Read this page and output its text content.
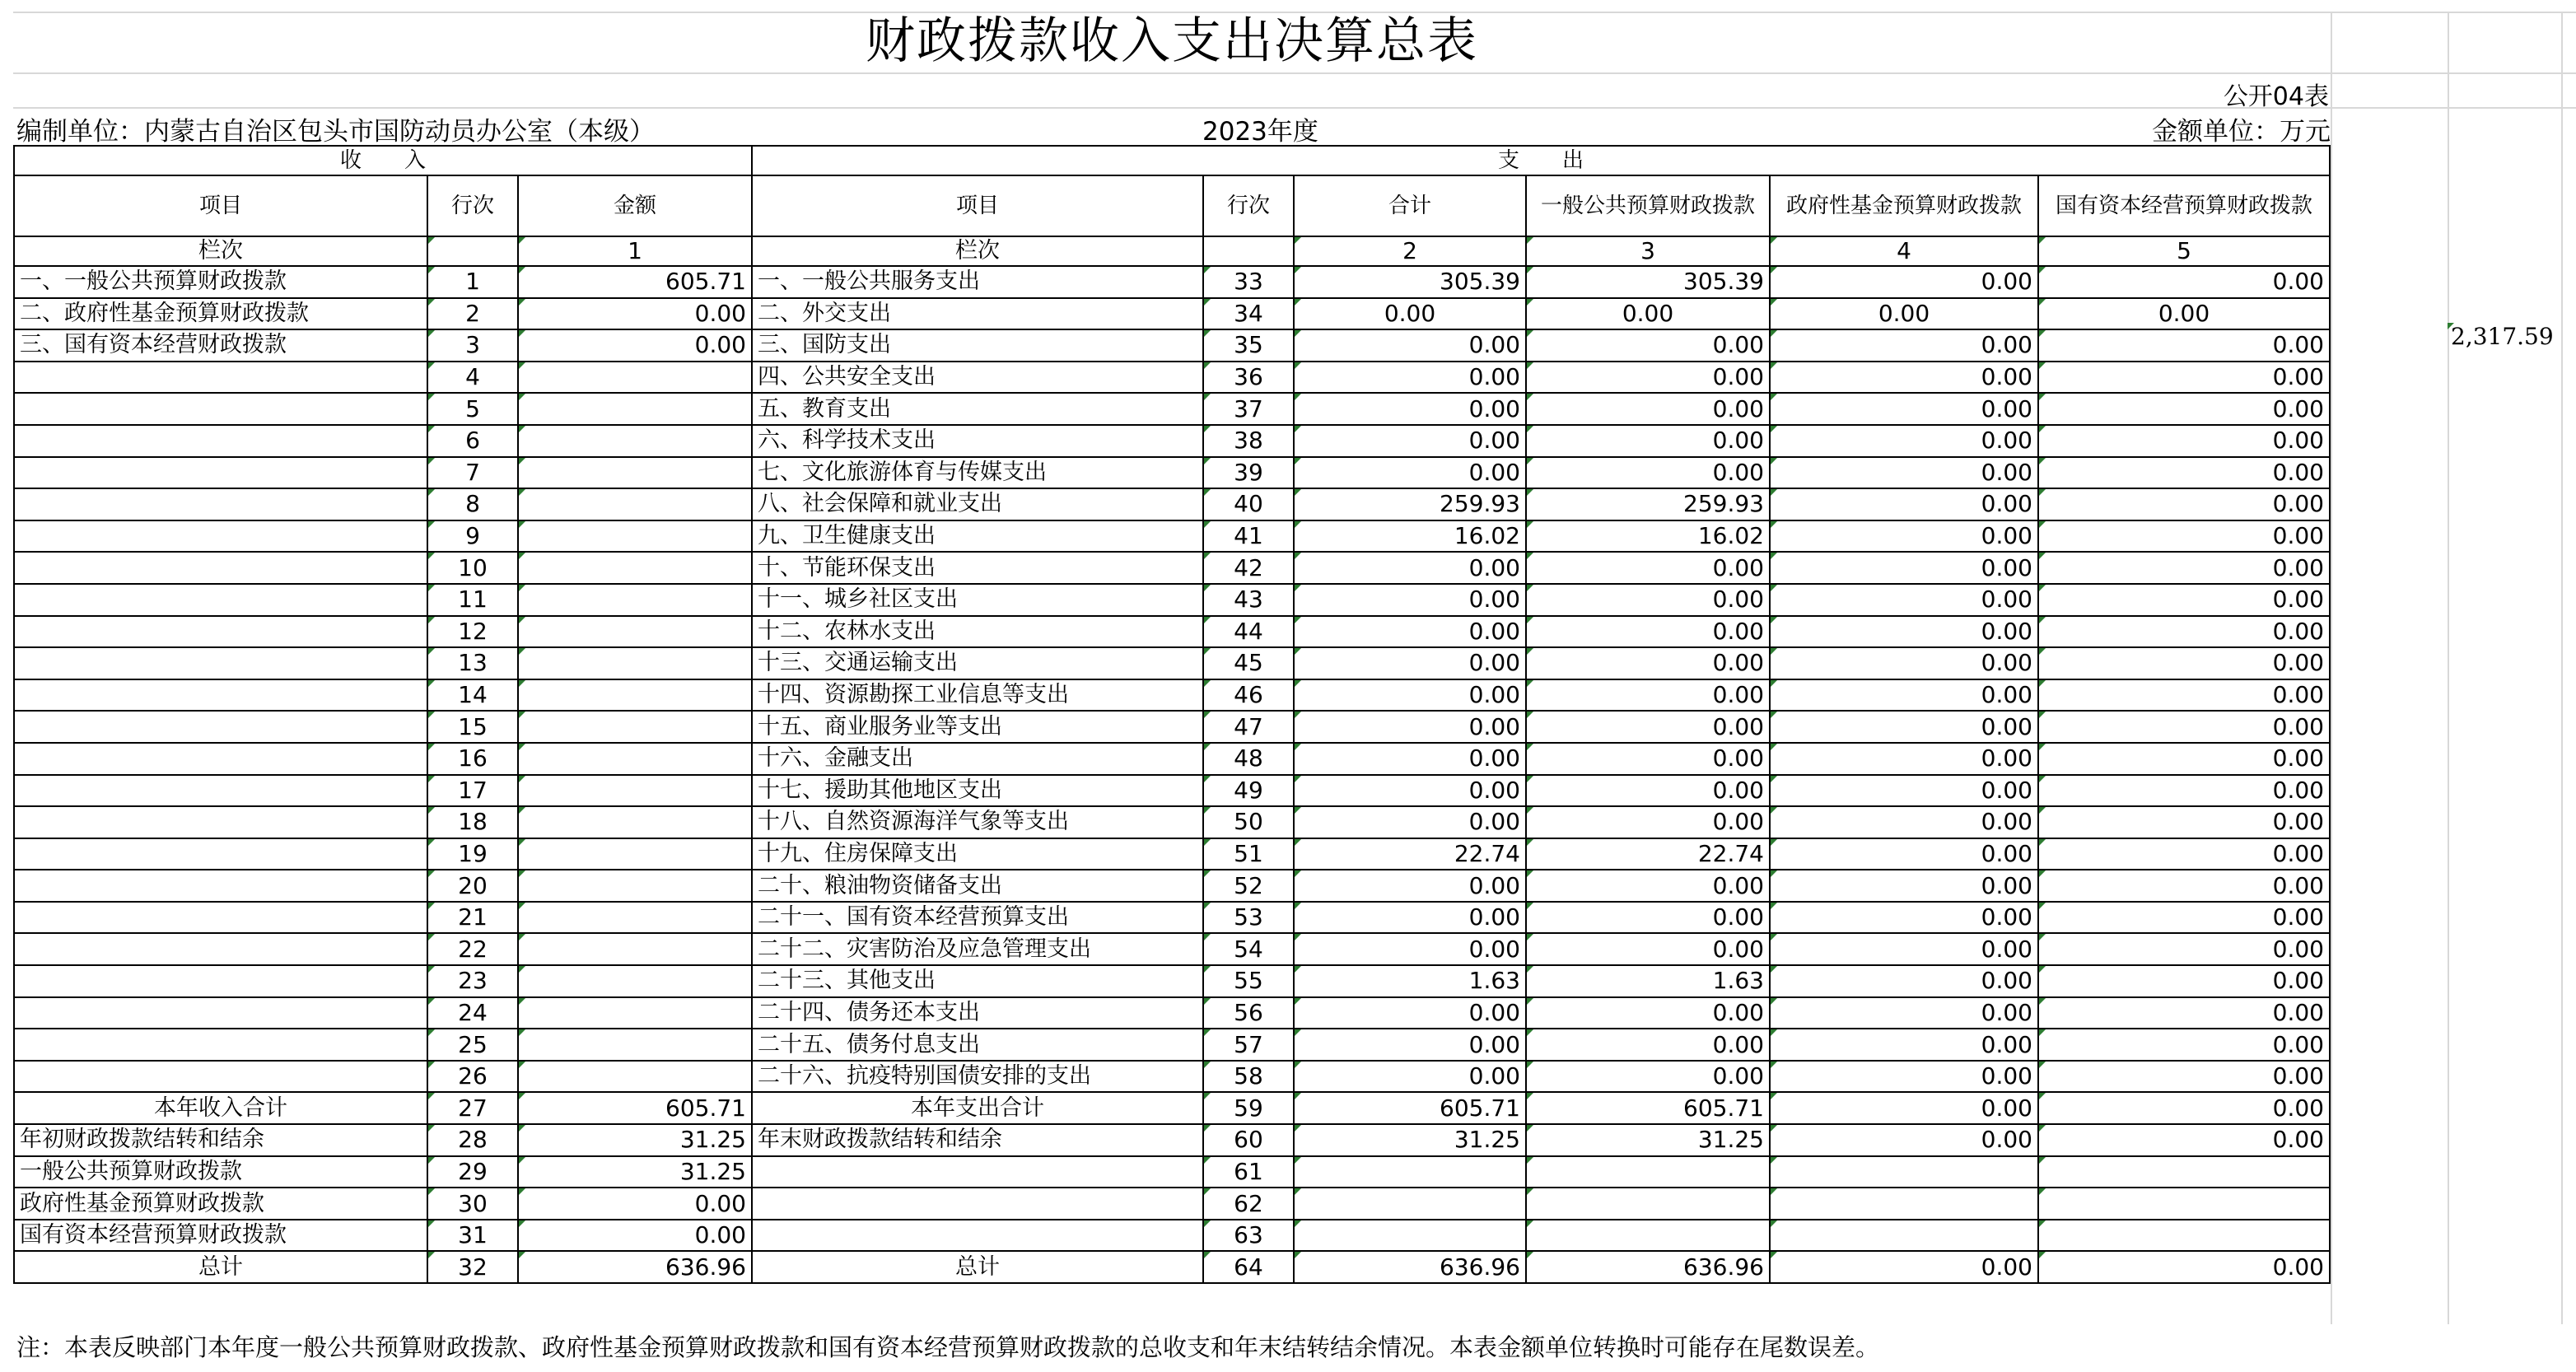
财政拨款收入支出决算总表
公开04表
编制单位：内蒙古自治区包头市国防动员办公室（本级）	2023年度	金额单位：万元
收　　入			支　　出					
项目	行次	金额	项目	行次	合计	一般公共预算财政拨款	政府性基金预算财政拨款	国有资本经营预算财政拨款
栏次		1	栏次		2	3	4	5
一、一般公共预算财政拨款	1	605.71	一、一般公共服务支出	33	305.39	305.39	0.00	0.00
二、政府性基金预算财政拨款	2	0.00	二、外交支出	34	0.00	0.00	0.00	0.00
三、国有资本经营财政拨款	3	0.00	三、国防支出	35	0.00	0.00	0.00	0.00
	4		四、公共安全支出	36	0.00	0.00	0.00	0.00
	5		五、教育支出	37	0.00	0.00	0.00	0.00
	6		六、科学技术支出	38	0.00	0.00	0.00	0.00
	7		七、文化旅游体育与传媒支出	39	0.00	0.00	0.00	0.00
	8		八、社会保障和就业支出	40	259.93	259.93	0.00	0.00
	9		九、卫生健康支出	41	16.02	16.02	0.00	0.00
	10		十、节能环保支出	42	0.00	0.00	0.00	0.00
	11		十一、城乡社区支出	43	0.00	0.00	0.00	0.00
	12		十二、农林水支出	44	0.00	0.00	0.00	0.00
	13		十三、交通运输支出	45	0.00	0.00	0.00	0.00
	14		十四、资源勘探工业信息等支出	46	0.00	0.00	0.00	0.00
	15		十五、商业服务业等支出	47	0.00	0.00	0.00	0.00
	16		十六、金融支出	48	0.00	0.00	0.00	0.00
	17		十七、援助其他地区支出	49	0.00	0.00	0.00	0.00
	18		十八、自然资源海洋气象等支出	50	0.00	0.00	0.00	0.00
	19		十九、住房保障支出	51	22.74	22.74	0.00	0.00
	20		二十、粮油物资储备支出	52	0.00	0.00	0.00	0.00
	21		二十一、国有资本经营预算支出	53	0.00	0.00	0.00	0.00
	22		二十二、灾害防治及应急管理支出	54	0.00	0.00	0.00	0.00
	23		二十三、其他支出	55	1.63	1.63	0.00	0.00
	24		二十四、债务还本支出	56	0.00	0.00	0.00	0.00
	25		二十五、债务付息支出	57	0.00	0.00	0.00	0.00
	26		二十六、抗疫特别国债安排的支出	58	0.00	0.00	0.00	0.00
本年收入合计	27	605.71	本年支出合计	59	605.71	605.71	0.00	0.00
年初财政拨款结转和结余	28	31.25	年末财政拨款结转和结余	60	31.25	31.25	0.00	0.00
一般公共预算财政拨款	29	31.25		61				
政府性基金预算财政拨款	30	0.00		62				
国有资本经营预算财政拨款	31	0.00		63				
总计	32	636.96	总计	64	636.96	636.96	0.00	0.00
2,317.59
注：本表反映部门本年度一般公共预算财政拨款、政府性基金预算财政拨款和国有资本经营预算财政拨款的总收支和年末结转结余情况。本表金额单位转换时可能存在尾数误差。
